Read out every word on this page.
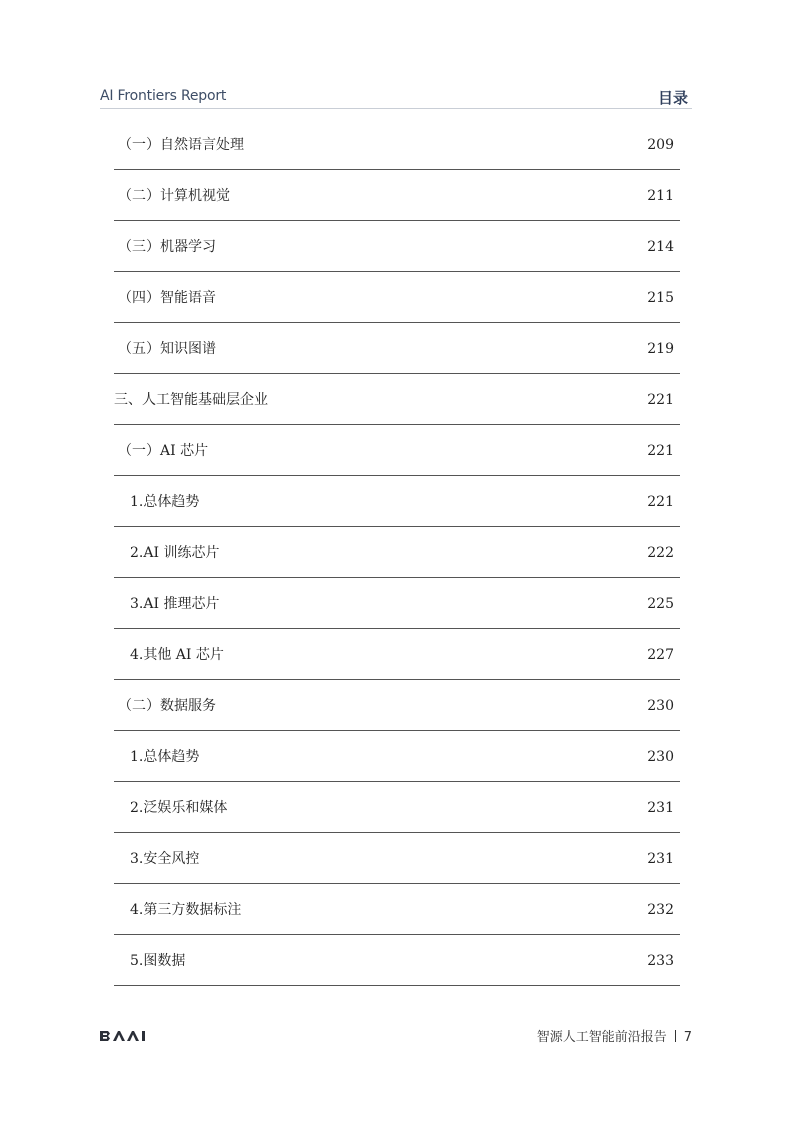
AI Frontiers Report	目录
（一）自然语言处理	209
（二）计算机视觉	211
（三）机器学习	214
（四）智能语音	215
（五）知识图谱	219
三、人工智能基础层企业	221
（一）AI 芯片	221
1.总体趋势	221
2.AI 训练芯片	222
3.AI 推理芯片	225
4.其他 AI 芯片	227
（二）数据服务	230
1.总体趋势	230
2.泛娱乐和媒体	231
3.安全风控	231
4.第三方数据标注	232
5.图数据	233
智源人工智能前沿报告 7
